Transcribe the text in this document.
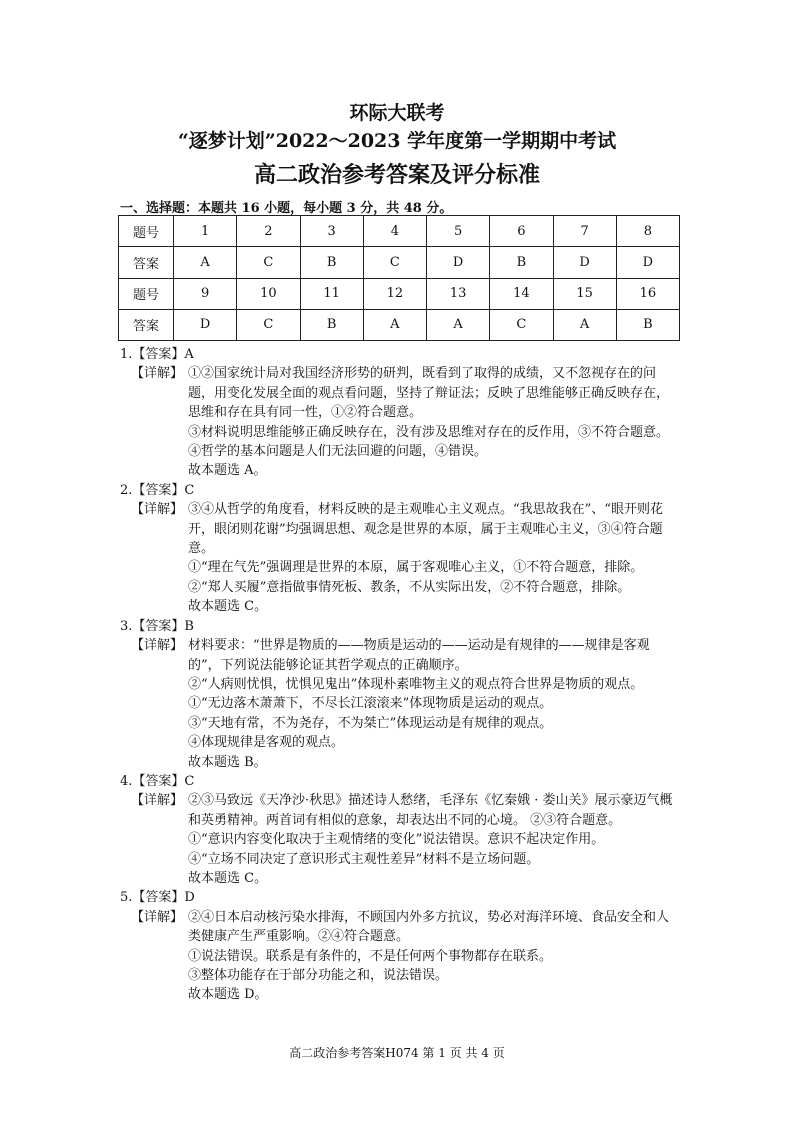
环际大联考
“逐梦计划”2022～2023 学年度第一学期期中考试
高二政治参考答案及评分标准
一、选择题：本题共 16 小题，每小题 3 分，共 48 分。
题号	1	2	3	4	5	6	7	8
答案	A	C	B	C	D	B	D	D
题号	9	10	11	12	13	14	15	16
答案	D	C	B	A	A	C	A	B
1.【答案】A
【详解】 ①②国家统计局对我国经济形势的研判，既看到了取得的成绩，又不忽视存在的问题，用变化发展全面的观点看问题，坚持了辩证法；反映了思维能够正确反映存在，思维和存在具有同一性，①②符合题意。

③材料说明思维能够正确反映存在，没有涉及思维对存在的反作用，③不符合题意。

④哲学的基本问题是人们无法回避的问题，④错误。

故本题选 A。

2.【答案】C
【详解】 ③④从哲学的角度看，材料反映的是主观唯心主义观点。“我思故我在”、“眼开则花开，眼闭则花谢”均强调思想、观念是世界的本原，属于主观唯心主义，③④符合题意。

①“理在气先”强调理是世界的本原，属于客观唯心主义，①不符合题意，排除。

②“郑人买履”意指做事情死板、教条，不从实际出发，②不符合题意，排除。

故本题选 C。

3.【答案】B
【详解】 材料要求：“世界是物质的——物质是运动的——运动是有规律的——规律是客观的”，下列说法能够论证其哲学观点的正确顺序。

②“人病则忧惧，忧惧见鬼出”体现朴素唯物主义的观点符合世界是物质的观点。

①“无边落木萧萧下，不尽长江滚滚来”体现物质是运动的观点。

③“天地有常，不为尧存，不为桀亡”体现运动是有规律的观点。

④体现规律是客观的观点。

故本题选 B。

4.【答案】C
【详解】 ②③马致远《天净沙·秋思》描述诗人愁绪，毛泽东《忆秦娥 · 娄山关》展示豪迈气概和英勇精神。两首词有相似的意象，却表达出不同的心境。 ②③符合题意。

①“意识内容变化取决于主观情绪的变化”说法错误。意识不起决定作用。

④“立场不同决定了意识形式主观性差异”材料不是立场问题。

故本题选 C。

5.【答案】D
【详解】 ②④日本启动核污染水排海，不顾国内外多方抗议，势必对海洋环境、食品安全和人类健康产生严重影响。②④符合题意。

①说法错误。联系是有条件的，不是任何两个事物都存在联系。

③整体功能存在于部分功能之和，说法错误。

故本题选 D。

高二政治参考答案H074 第 1 页 共 4 页
